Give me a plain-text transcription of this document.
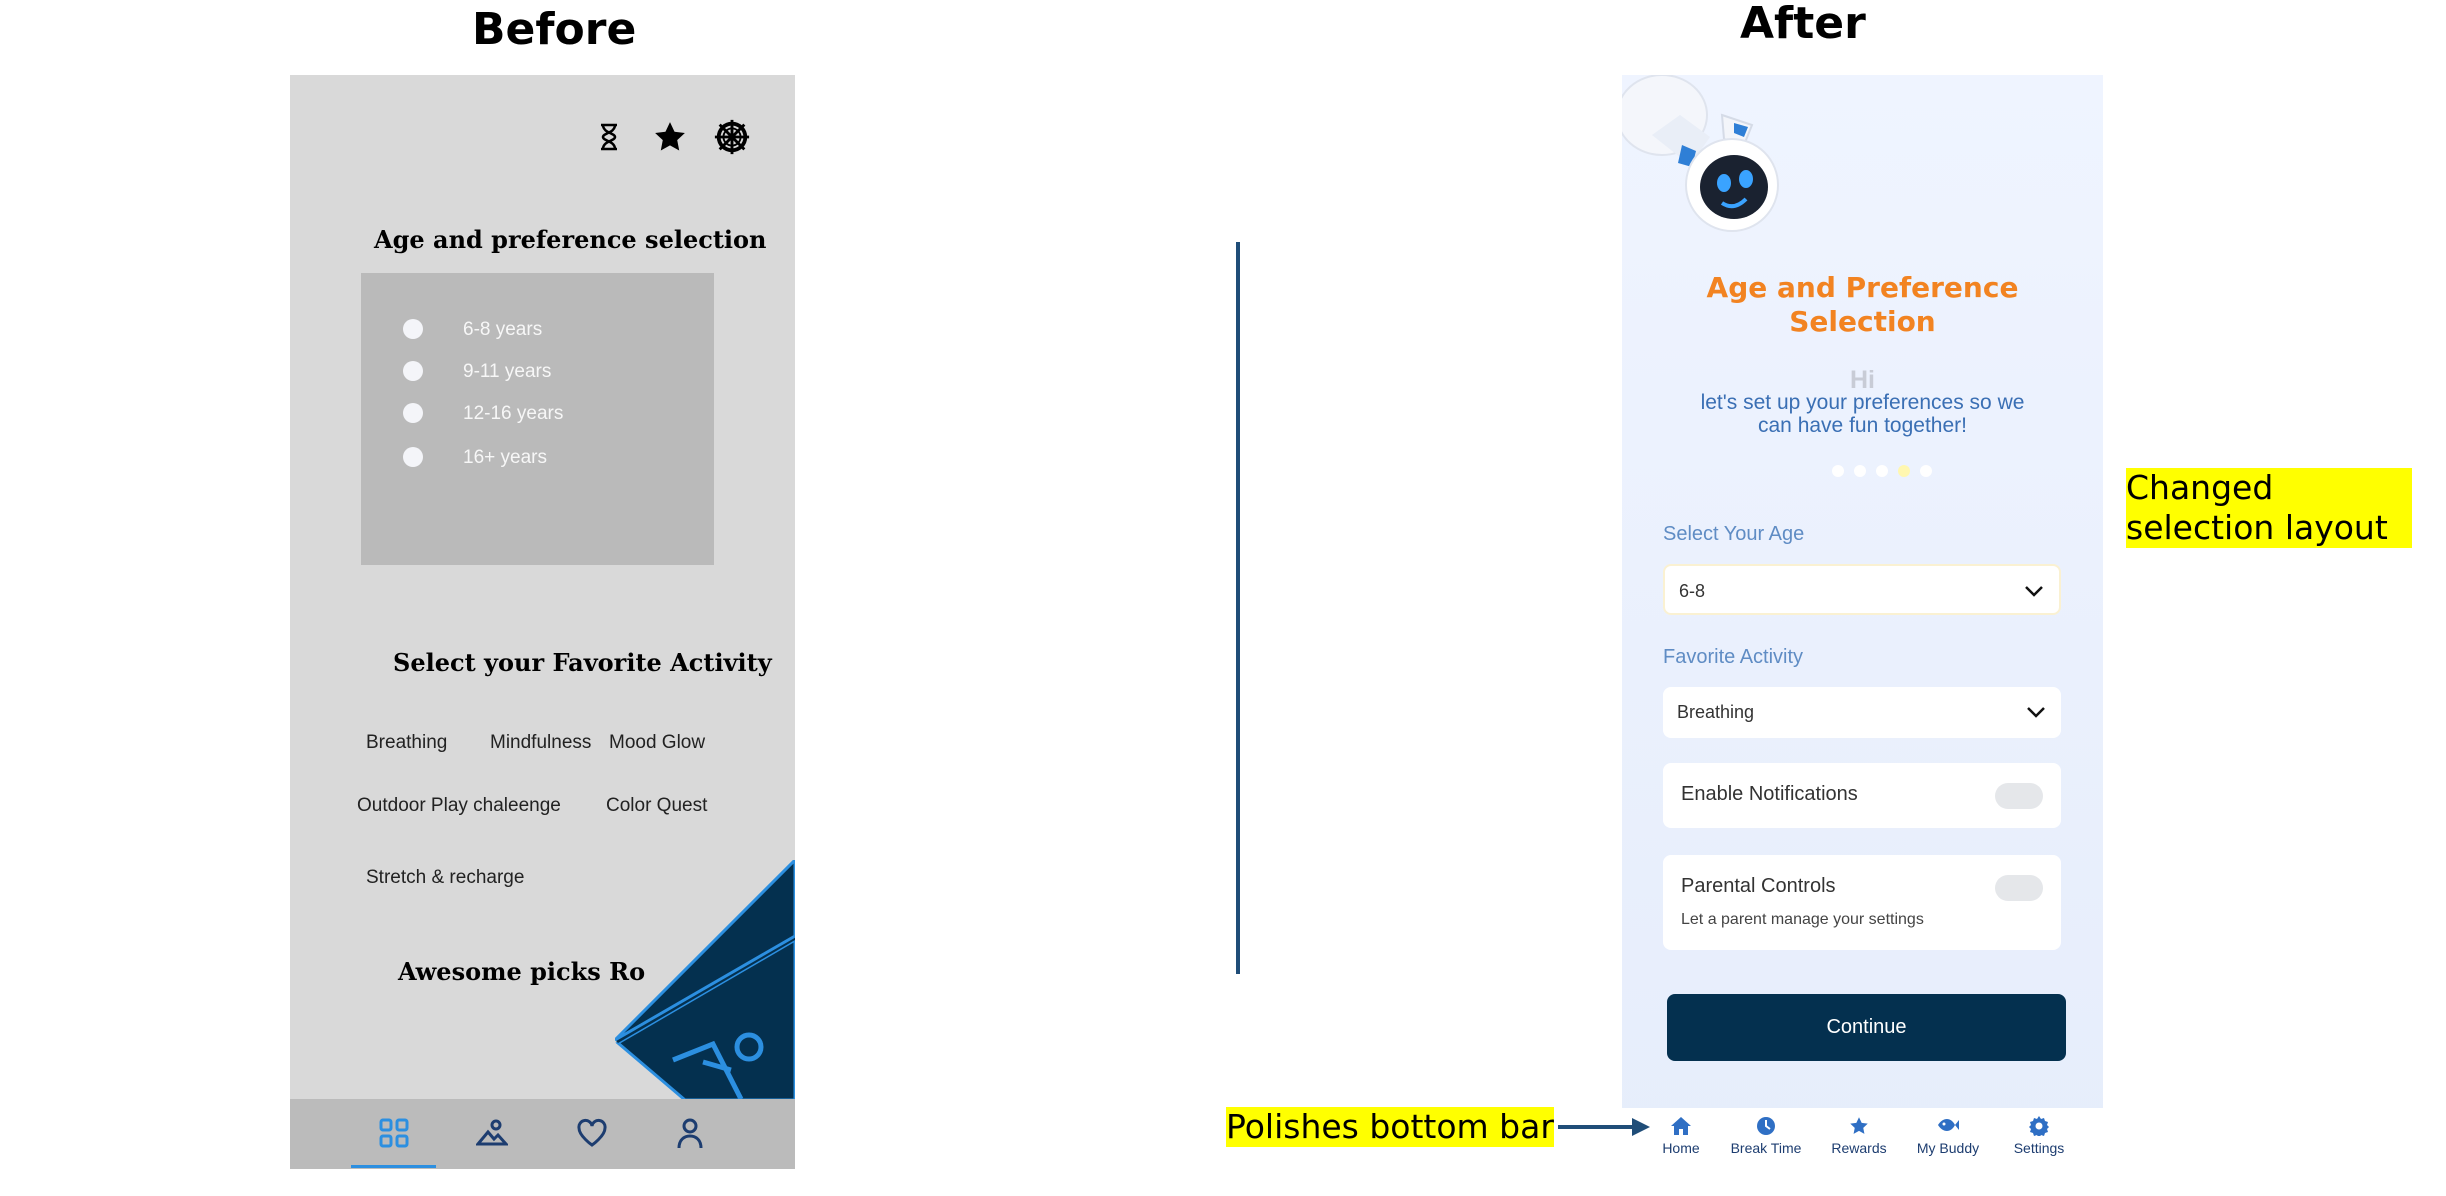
Before	After
Age and preference selection
6-8 years
9-11 years
12-16 years
16+ years
Select your Favorite Activity
Breathing Mindfulness Mood Glow
Outdoor Play chaleenge Color Quest
Stretch & recharge
Awesome picks Ro
Age and Preference
Selection
Hi
let's set up your preferences so we can have fun together!
Select Your Age
6-8
Favorite Activity
Breathing
Enable Notifications
Parental Controls
Let a parent manage your settings
Continue
Home	Break Time	Rewards	My Buddy	Settings
Changed selection layout
Polishes bottom bar
